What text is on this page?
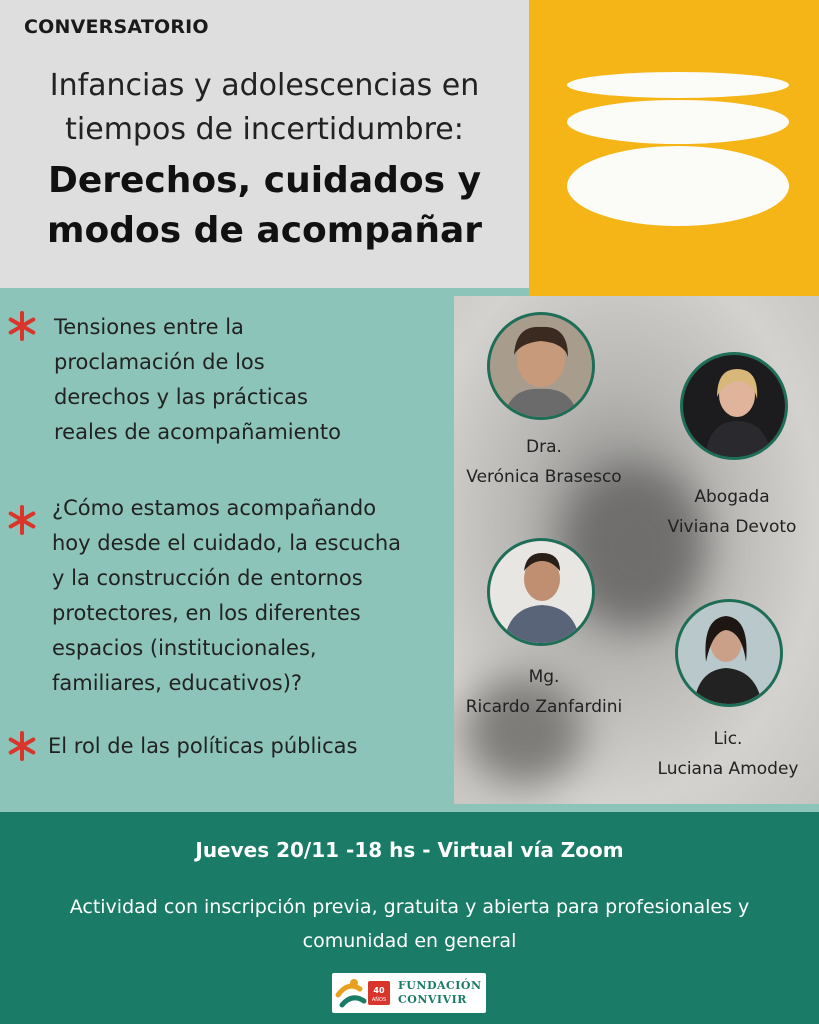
CONVERSATORIO
Infancias y adolescencias en
tiempos de incertidumbre:
Derechos, cuidados y
modos de acompañar
Tensiones entre la
proclamación de los
derechos y las prácticas
reales de acompañamiento
¿Cómo estamos acompañando
hoy desde el cuidado, la escucha
y la construcción de entornos
protectores, en los diferentes
espacios (institucionales,
familiares, educativos)?
El rol de las políticas públicas
Dra.
Verónica Brasesco
Abogada
Viviana Devoto
Mg.
Ricardo Zanfardini
Lic.
Luciana Amodey
Jueves 20/11 -18 hs - Virtual vía Zoom
Actividad con inscripción previa, gratuita y abierta para profesionales y
comunidad en general
40
AÑOS
FUNDACIÓN
CONVIVIR
